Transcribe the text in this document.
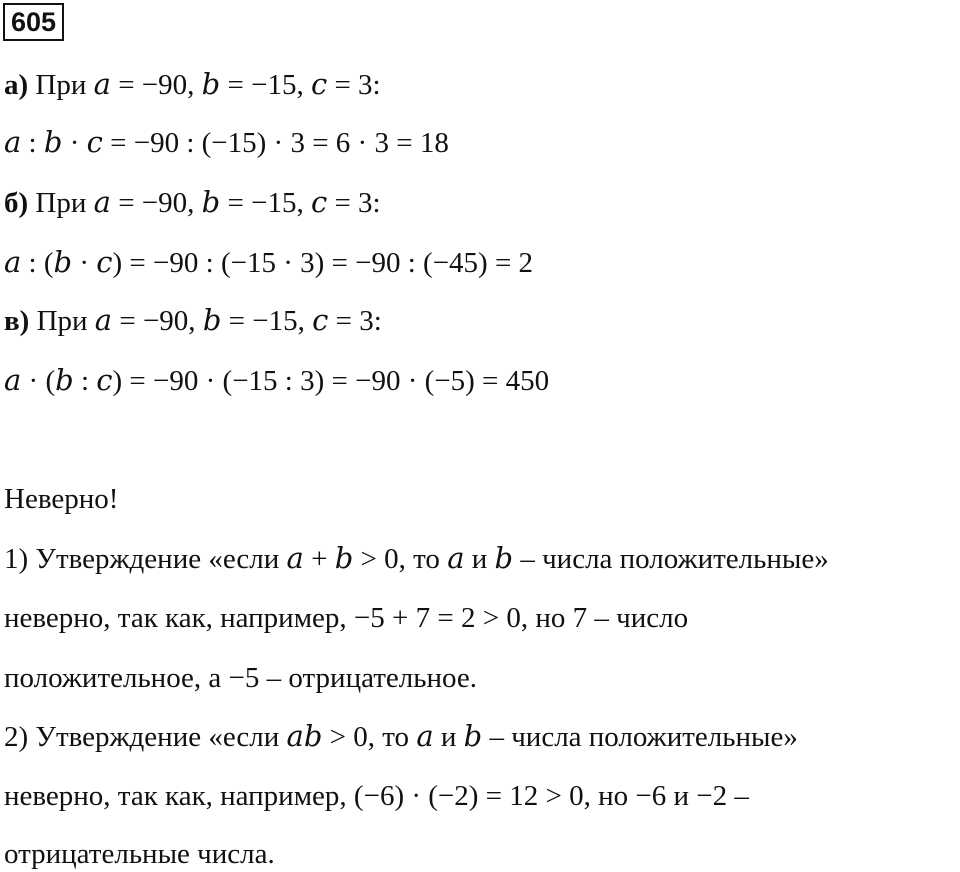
605
а) При a = −90, b = −15, c = 3:
a : b · c = −90 : (−15) · 3 = 6 · 3 = 18
б) При a = −90, b = −15, c = 3:
a : (b · c) = −90 : (−15 · 3) = −90 : (−45) = 2
в) При a = −90, b = −15, c = 3:
a · (b : c) = −90 · (−15 : 3) = −90 · (−5) = 450
Неверно!
1) Утверждение «если a + b > 0, то a и b – числа положительные»
неверно, так как, например, −5 + 7 = 2 > 0, но 7 – число
положительное, а −5 – отрицательное.
2) Утверждение «если ab > 0, то a и b – числа положительные»
неверно, так как, например, (−6) · (−2) = 12 > 0, но −6 и −2 –
отрицательные числа.
